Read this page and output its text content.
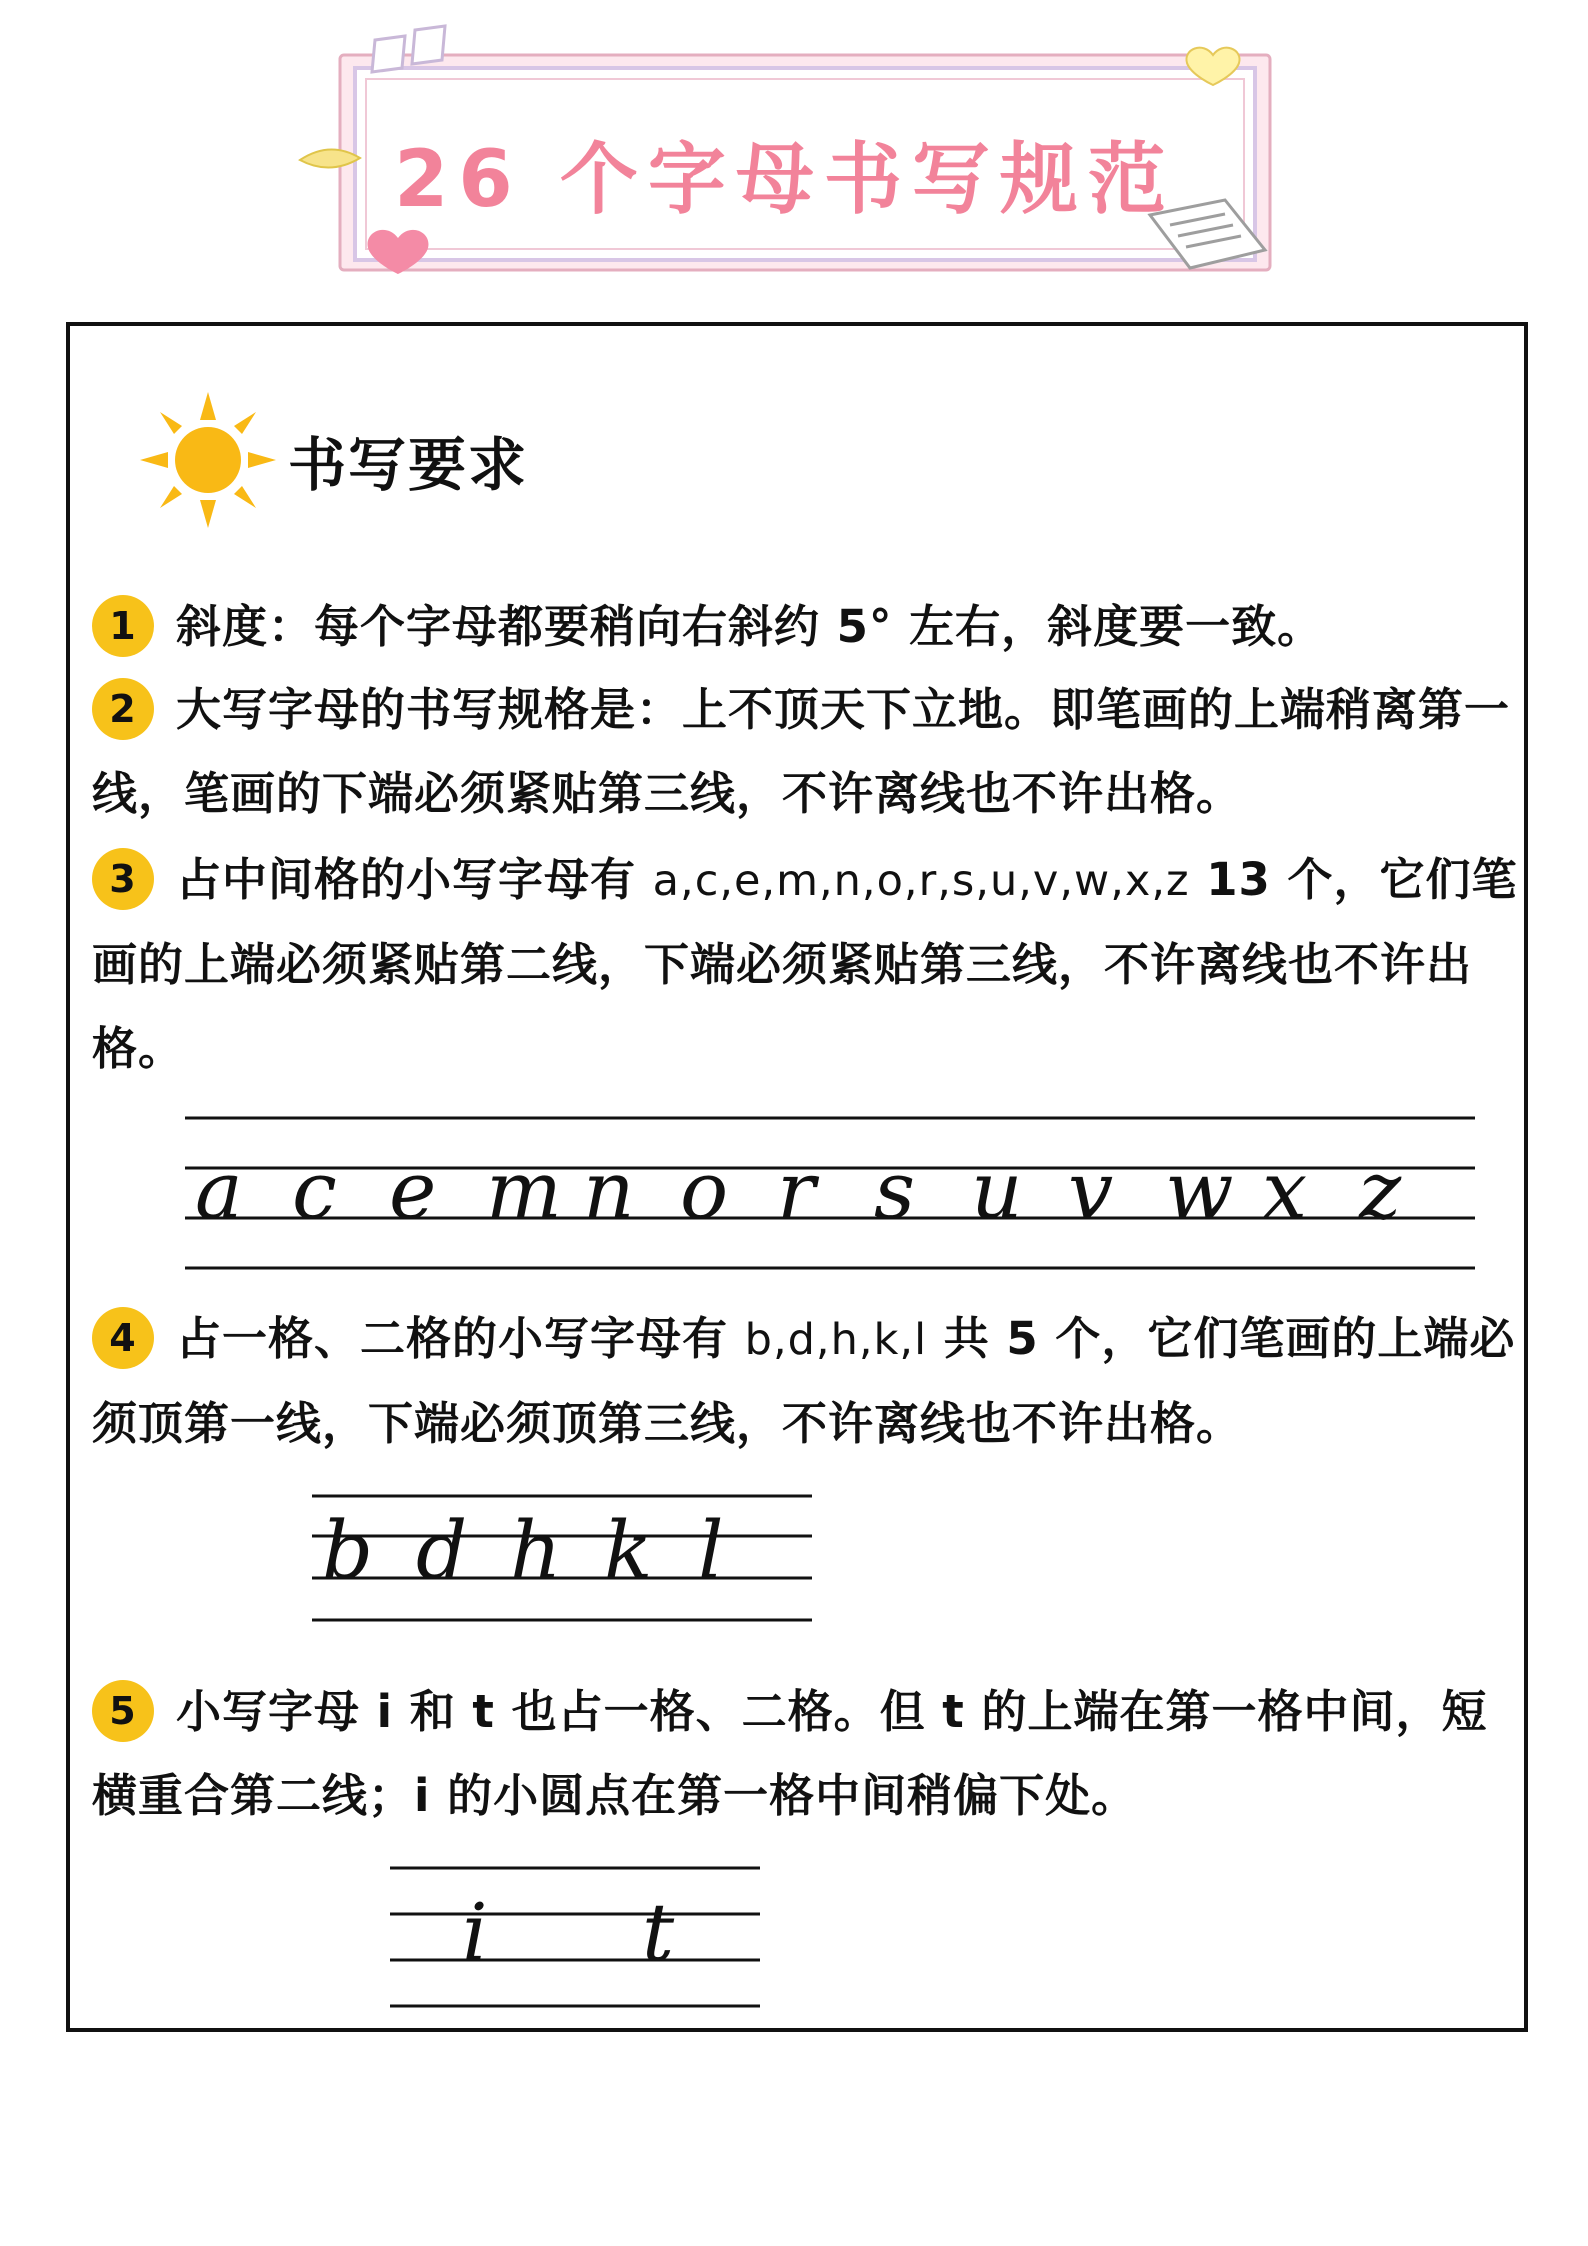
26 个字母书写规范
书写要求
1 斜度：每个字母都要稍向右斜约 5° 左右，斜度要一致。
2 大写字母的书写规格是：上不顶天下立地。即笔画的上端稍离第一线，笔画的下端必须紧贴第三线，不许离线也不许出格。
3 占中间格的小写字母有 a,c,e,m,n,o,r,s,u,v,w,x,z 13 个，它们笔画的上端必须紧贴第二线，下端必须紧贴第三线，不许离线也不许出格。
a c e m n o r s u v w x z
4 占一格、二格的小写字母有 b,d,h,k,l 共 5 个，它们笔画的上端必须顶第一线，下端必须顶第三线，不许离线也不许出格。
b d h k l
5 小写字母 i 和 t 也占一格、二格。但 t 的上端在第一格中间，短横重合第二线；i 的小圆点在第一格中间稍偏下处。
i t
